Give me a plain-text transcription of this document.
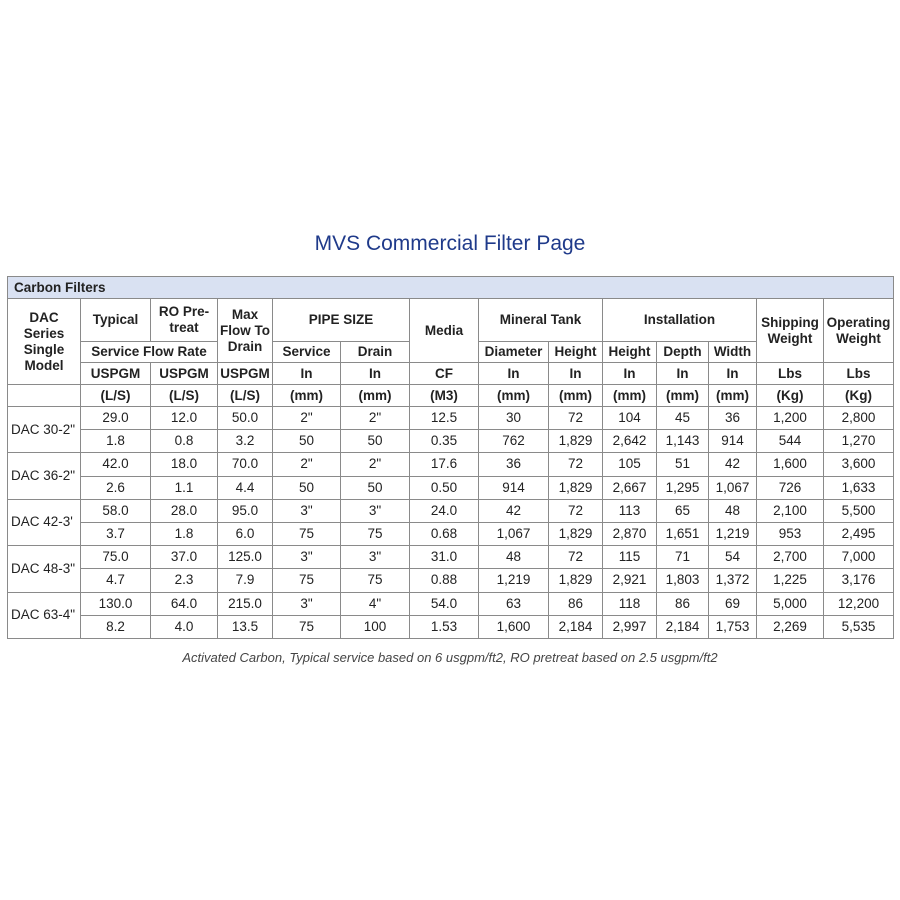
MVS Commercial Filter Page
Carbon Filters													
DAC Series Single Model	Typical	RO Pre-treat	Max Flow To Drain	PIPE SIZE		Media	Mineral Tank		Installation			Shipping Weight	Operating Weight
	Service Flow Rate			Service	Drain		Diameter	Height	Height	Depth	Width		
	USPGM	USPGM	USPGM	In	In	CF	In	In	In	In	In	Lbs	Lbs
	(L/S)	(L/S)	(L/S)	(mm)	(mm)	(M3)	(mm)	(mm)	(mm)	(mm)	(mm)	(Kg)	(Kg)
DAC 30-2"	29.0	12.0	50.0	2"	2"	12.5	30	72	104	45	36	1,200	2,800
	1.8	0.8	3.2	50	50	0.35	762	1,829	2,642	1,143	914	544	1,270
DAC 36-2"	42.0	18.0	70.0	2"	2"	17.6	36	72	105	51	42	1,600	3,600
	2.6	1.1	4.4	50	50	0.50	914	1,829	2,667	1,295	1,067	726	1,633
DAC 42-3'	58.0	28.0	95.0	3"	3"	24.0	42	72	113	65	48	2,100	5,500
	3.7	1.8	6.0	75	75	0.68	1,067	1,829	2,870	1,651	1,219	953	2,495
DAC 48-3"	75.0	37.0	125.0	3"	3"	31.0	48	72	115	71	54	2,700	7,000
	4.7	2.3	7.9	75	75	0.88	1,219	1,829	2,921	1,803	1,372	1,225	3,176
DAC 63-4"	130.0	64.0	215.0	3"	4"	54.0	63	86	118	86	69	5,000	12,200
	8.2	4.0	13.5	75	100	1.53	1,600	2,184	2,997	2,184	1,753	2,269	5,535
Activated Carbon, Typical service based on 6 usgpm/ft2, RO pretreat based on 2.5 usgpm/ft2
